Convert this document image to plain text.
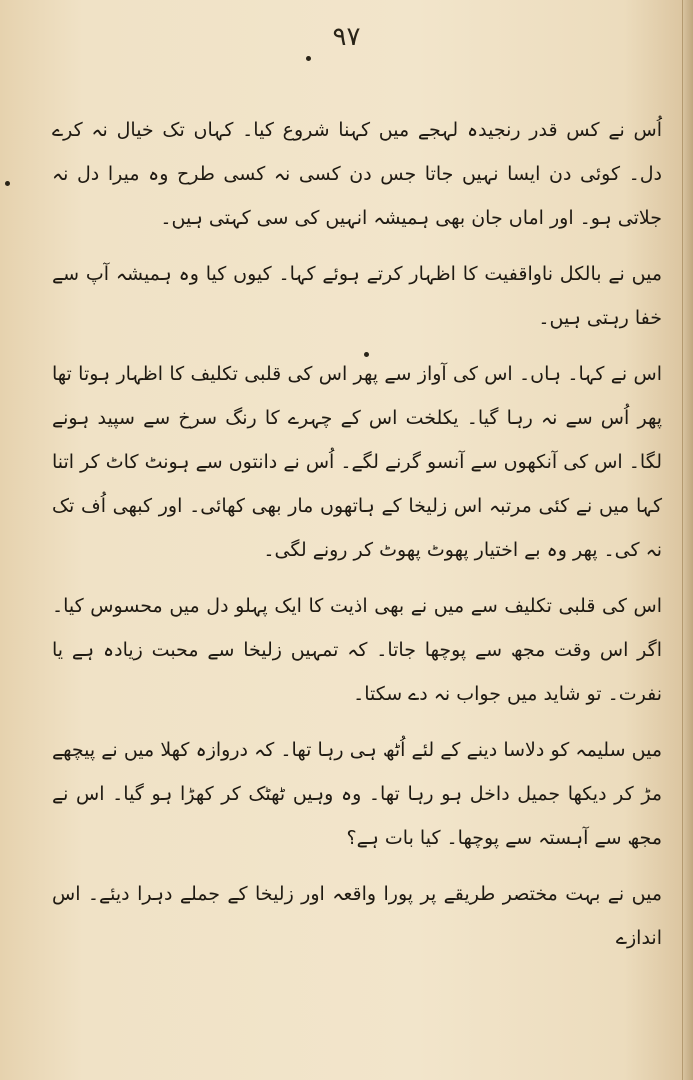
۹۷

اُس نے کس قدر رنجیدہ لہجے میں کہنا شروع کیا۔ کہاں تک خیال نہ کرے دل۔ کوئی دن ایسا نہیں جاتا جس دن کسی نہ کسی طرح وہ میرا دل نہ جلاتی ہو۔ اور اماں جان بھی ہمیشہ انہیں کی سی کہتی ہیں۔

میں نے بالکل ناواقفیت کا اظہار کرتے ہوئے کہا۔ کیوں کیا وہ ہمیشہ آپ سے خفا رہتی ہیں۔

اس نے کہا۔ ہاں۔ اس کی آواز سے پھر اس کی قلبی تکلیف کا اظہار ہوتا تھا پھر اُس سے نہ رہا گیا۔ یکلخت اس کے چہرے کا رنگ سرخ سے سپید ہونے لگا۔ اس کی آنکھوں سے آنسو گرنے لگے۔ اُس نے دانتوں سے ہونٹ کاٹ کر اتنا کہا میں نے کئی مرتبہ اس زلیخا کے ہاتھوں مار بھی کھائی۔ اور کبھی اُف تک نہ کی۔ پھر وہ بے اختیار پھوٹ پھوٹ کر رونے لگی۔

اس کی قلبی تکلیف سے میں نے بھی اذیت کا ایک پہلو دل میں محسوس کیا۔ اگر اس وقت مجھ سے پوچھا جاتا۔ کہ تمہیں زلیخا سے محبت زیادہ ہے یا نفرت۔ تو شاید میں جواب نہ دے سکتا۔

میں سلیمہ کو دلاسا دینے کے لئے اُٹھ ہی رہا تھا۔ کہ دروازہ کھلا میں نے پیچھے مڑ کر دیکھا جمیل داخل ہو رہا تھا۔ وہ وہیں ٹھٹک کر کھڑا ہو گیا۔ اس نے مجھ سے آہستہ سے پوچھا۔ کیا بات ہے؟

میں نے بہت مختصر طریقے پر پورا واقعہ اور زلیخا کے جملے دہرا دیئے۔ اس اندازے
